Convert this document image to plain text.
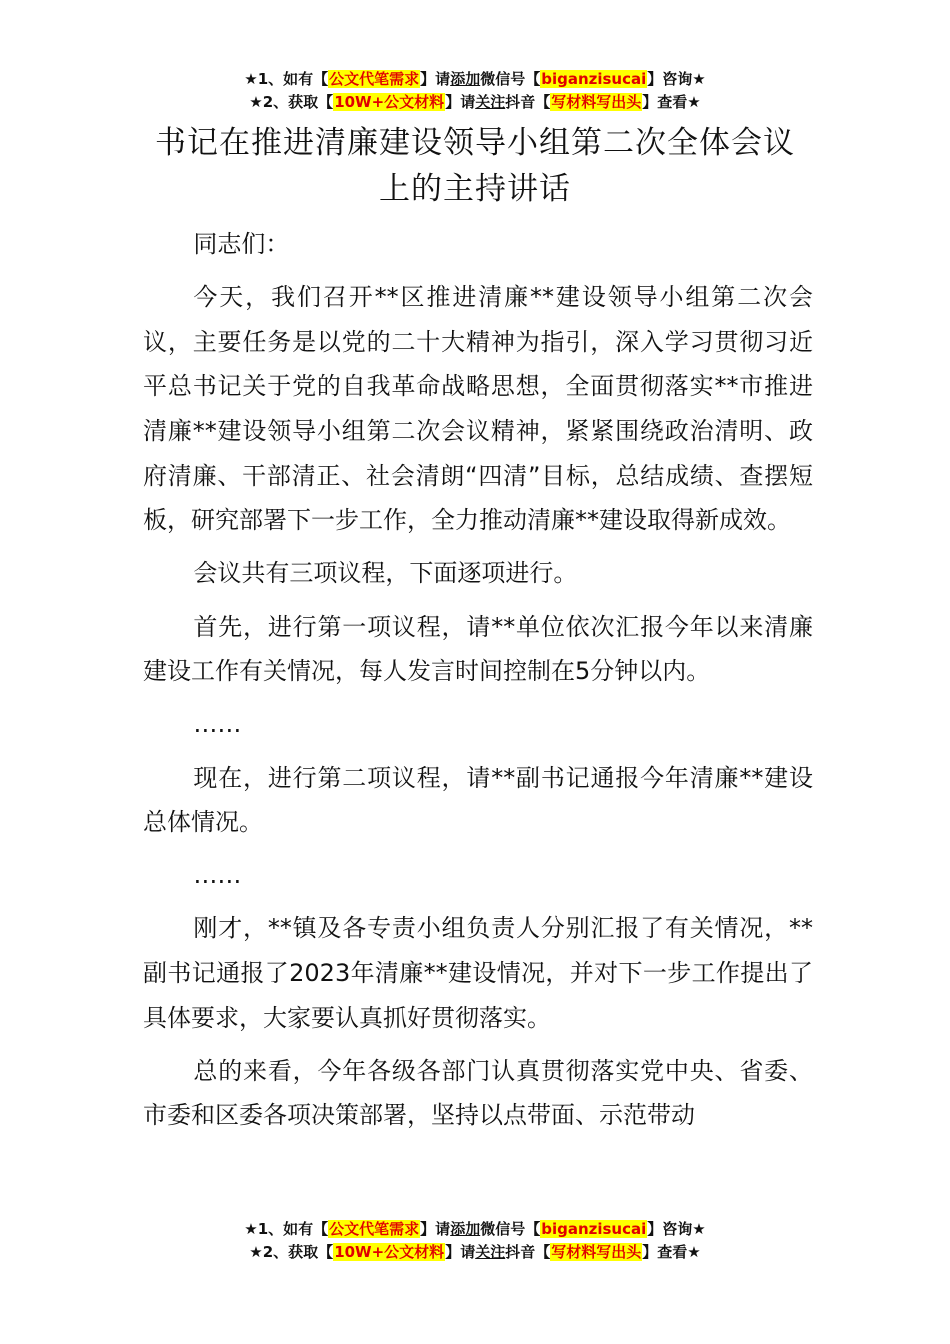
★1、如有【公文代笔需求】请添加微信号【biganzisucai】咨询★
★2、获取【10W+公文材料】请关注抖音【写材料写出头】查看★
书记在推进清廉建设领导小组第二次全体会议上的主持讲话

同志们：

今天，我们召开**区推进清廉**建设领导小组第二次会议，主要任务是以党的二十大精神为指引，深入学习贯彻习近平总书记关于党的自我革命战略思想，全面贯彻落实**市推进清廉**建设领导小组第二次会议精神，紧紧围绕政治清明、政府清廉、干部清正、社会清朗“四清”目标，总结成绩、查摆短板，研究部署下一步工作，全力推动清廉**建设取得新成效。

会议共有三项议程，下面逐项进行。

首先，进行第一项议程，请**单位依次汇报今年以来清廉建设工作有关情况，每人发言时间控制在5分钟以内。

……

现在，进行第二项议程，请**副书记通报今年清廉**建设总体情况。

……

刚才，**镇及各专责小组负责人分别汇报了有关情况，**副书记通报了2023年清廉**建设情况，并对下一步工作提出了具体要求，大家要认真抓好贯彻落实。

总的来看，今年各级各部门认真贯彻落实党中央、省委、市委和区委各项决策部署，坚持以点带面、示范带动

★1、如有【公文代笔需求】请添加微信号【biganzisucai】咨询★
★2、获取【10W+公文材料】请关注抖音【写材料写出头】查看★
